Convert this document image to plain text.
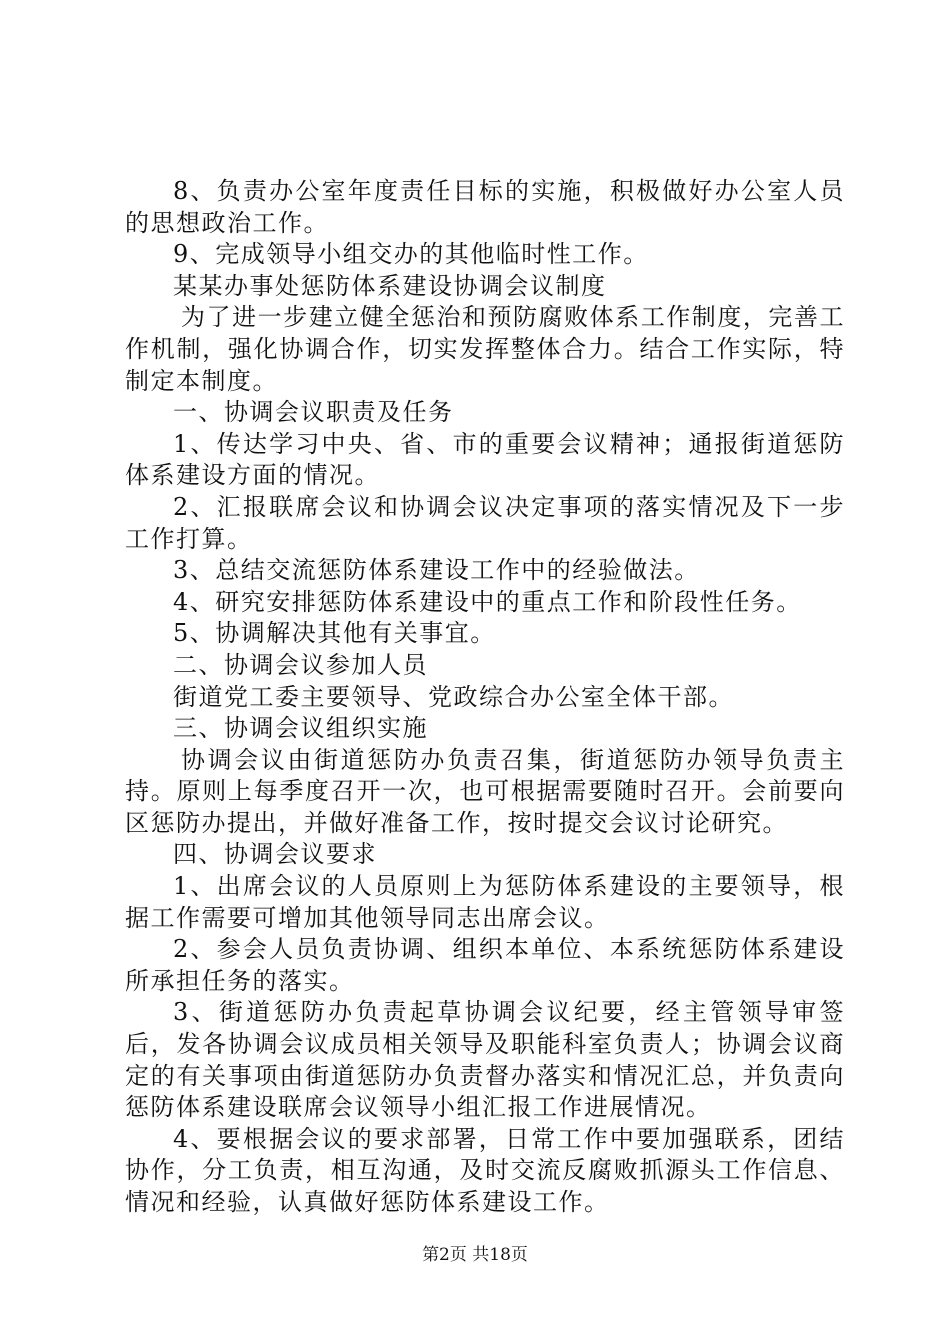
8、负责办公室年度责任目标的实施，积极做好办公室人员的思想政治工作。

9、完成领导小组交办的其他临时性工作。

某某办事处惩防体系建设协调会议制度

为了进一步建立健全惩治和预防腐败体系工作制度，完善工作机制，强化协调合作，切实发挥整体合力。结合工作实际，特制定本制度。

一、协调会议职责及任务

1、传达学习中央、省、市的重要会议精神；通报街道惩防体系建设方面的情况。

2、汇报联席会议和协调会议决定事项的落实情况及下一步工作打算。

3、总结交流惩防体系建设工作中的经验做法。

4、研究安排惩防体系建设中的重点工作和阶段性任务。

5、协调解决其他有关事宜。

二、协调会议参加人员

街道党工委主要领导、党政综合办公室全体干部。

三、协调会议组织实施

协调会议由街道惩防办负责召集，街道惩防办领导负责主持。原则上每季度召开一次，也可根据需要随时召开。会前要向区惩防办提出，并做好准备工作，按时提交会议讨论研究。

四、协调会议要求

1、出席会议的人员原则上为惩防体系建设的主要领导，根据工作需要可增加其他领导同志出席会议。

2、参会人员负责协调、组织本单位、本系统惩防体系建设所承担任务的落实。

3、街道惩防办负责起草协调会议纪要，经主管领导审签后，发各协调会议成员相关领导及职能科室负责人；协调会议商定的有关事项由街道惩防办负责督办落实和情况汇总，并负责向惩防体系建设联席会议领导小组汇报工作进展情况。

4、要根据会议的要求部署，日常工作中要加强联系，团结协作，分工负责，相互沟通，及时交流反腐败抓源头工作信息、情况和经验，认真做好惩防体系建设工作。

第2页 共18页
